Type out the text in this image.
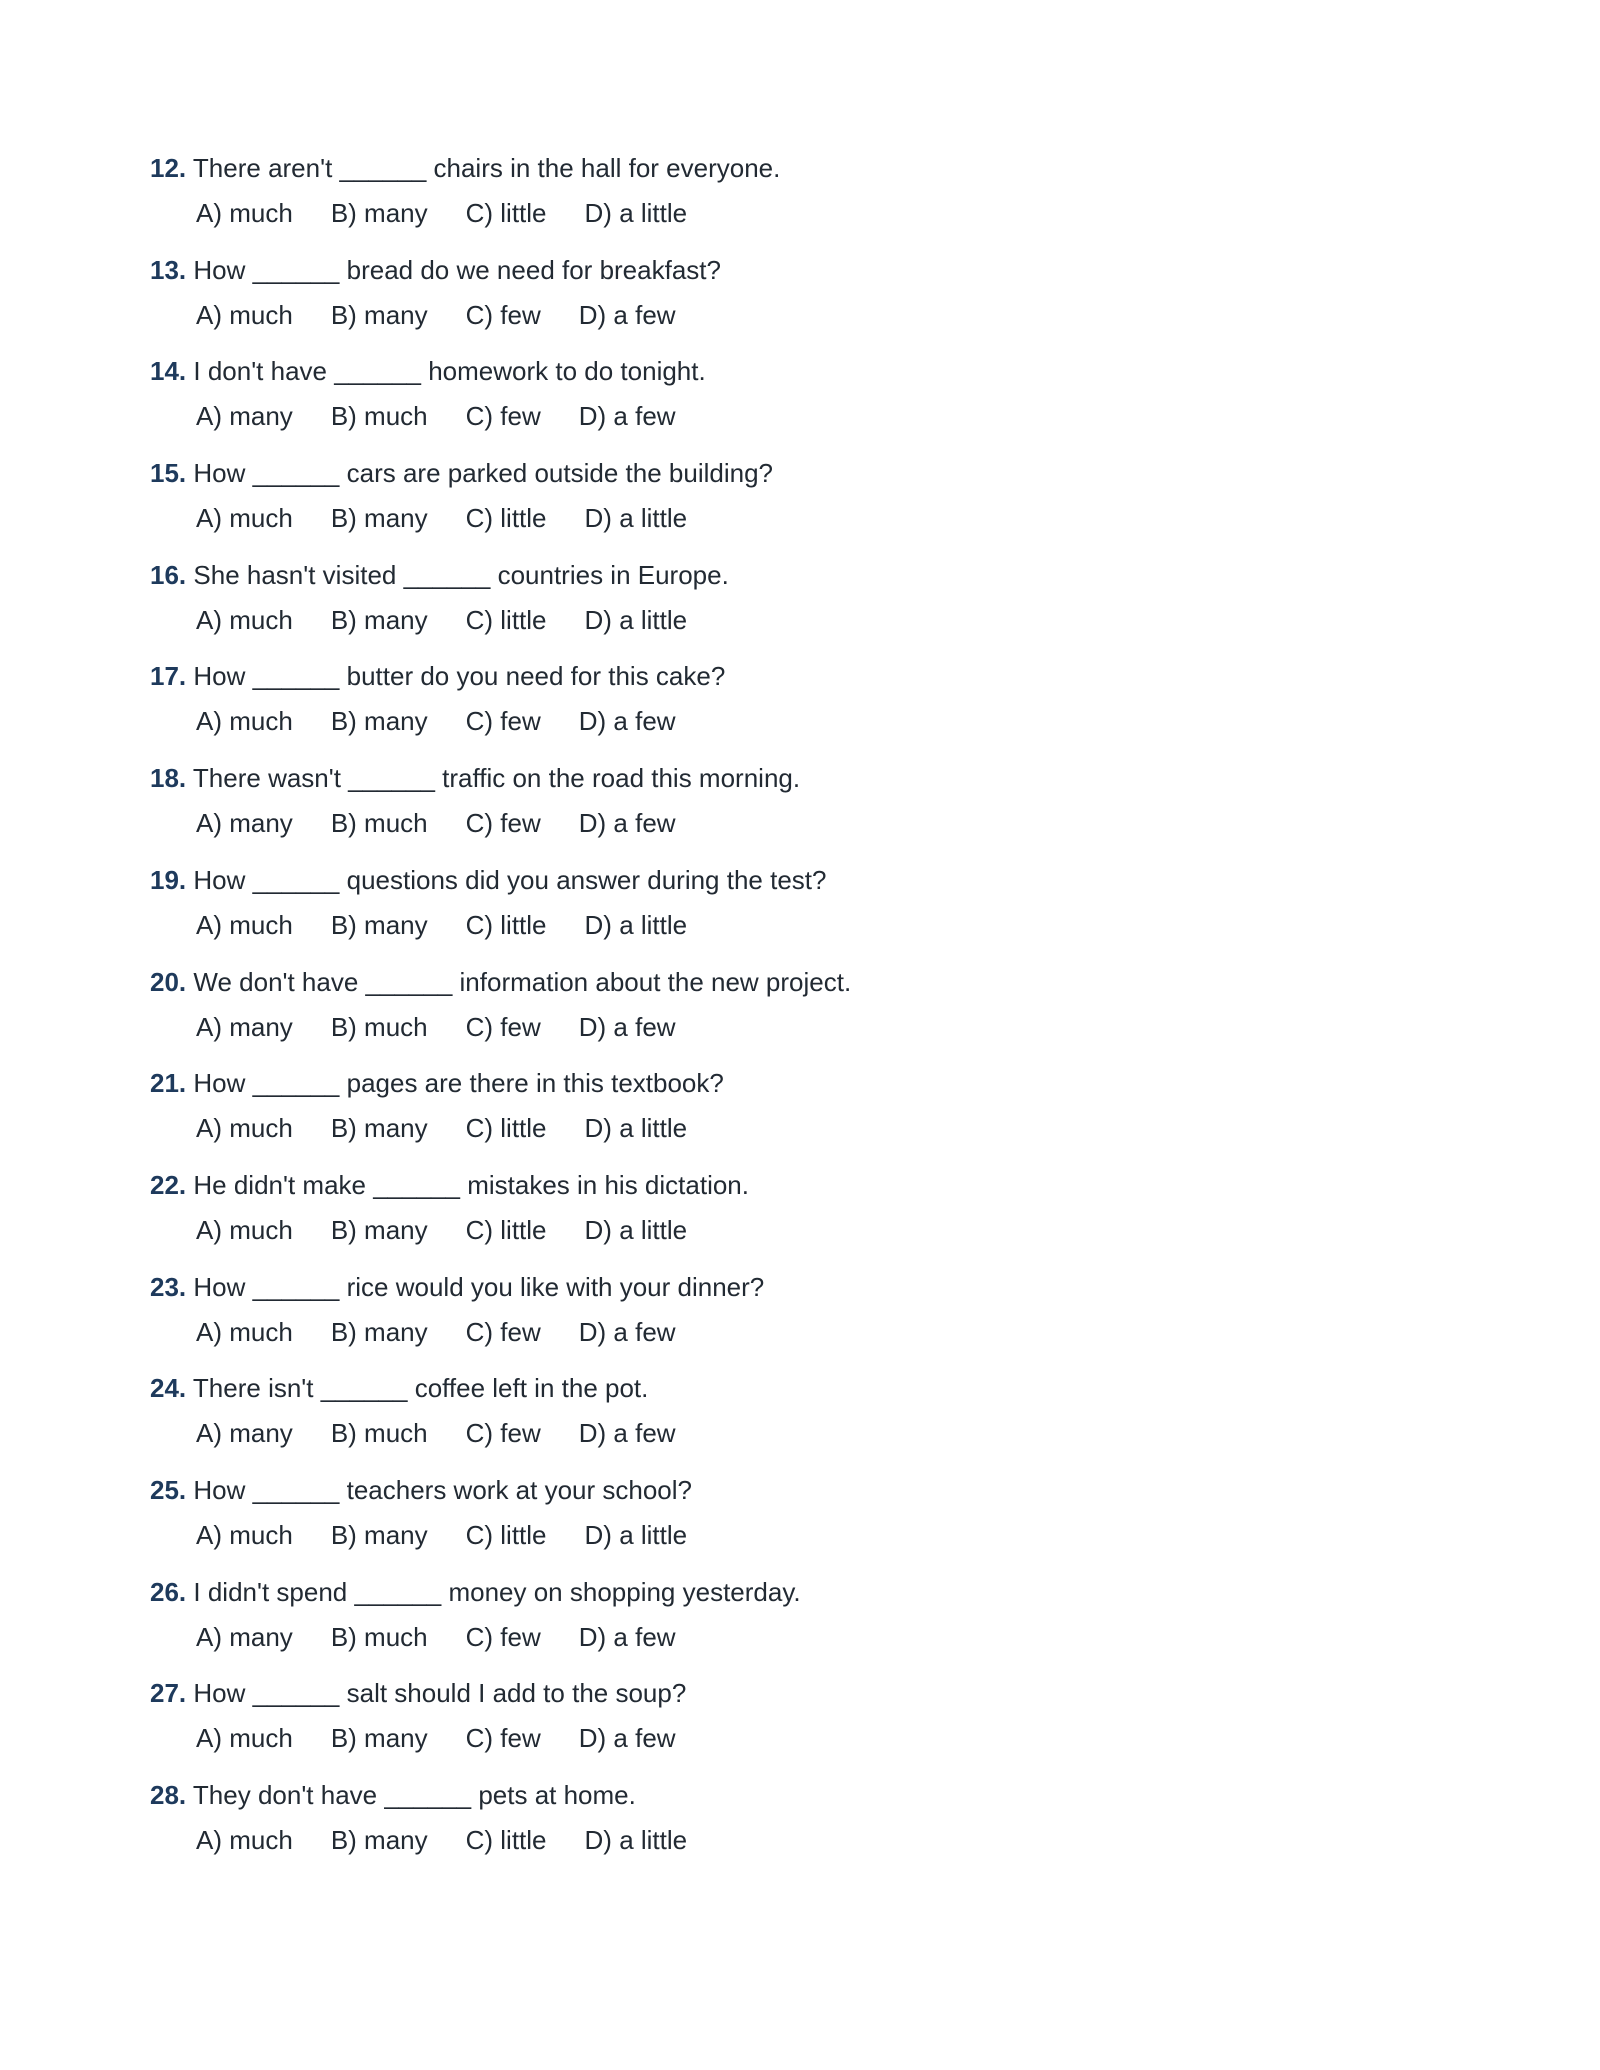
12. There aren't ______ chairs in the hall for everyone.
A) much B) many C) little D) a little
13. How ______ bread do we need for breakfast?
A) much B) many C) few D) a few
14. I don't have ______ homework to do tonight.
A) many B) much C) few D) a few
15. How ______ cars are parked outside the building?
A) much B) many C) little D) a little
16. She hasn't visited ______ countries in Europe.
A) much B) many C) little D) a little
17. How ______ butter do you need for this cake?
A) much B) many C) few D) a few
18. There wasn't ______ traffic on the road this morning.
A) many B) much C) few D) a few
19. How ______ questions did you answer during the test?
A) much B) many C) little D) a little
20. We don't have ______ information about the new project.
A) many B) much C) few D) a few
21. How ______ pages are there in this textbook?
A) much B) many C) little D) a little
22. He didn't make ______ mistakes in his dictation.
A) much B) many C) little D) a little
23. How ______ rice would you like with your dinner?
A) much B) many C) few D) a few
24. There isn't ______ coffee left in the pot.
A) many B) much C) few D) a few
25. How ______ teachers work at your school?
A) much B) many C) little D) a little
26. I didn't spend ______ money on shopping yesterday.
A) many B) much C) few D) a few
27. How ______ salt should I add to the soup?
A) much B) many C) few D) a few
28. They don't have ______ pets at home.
A) much B) many C) little D) a little
